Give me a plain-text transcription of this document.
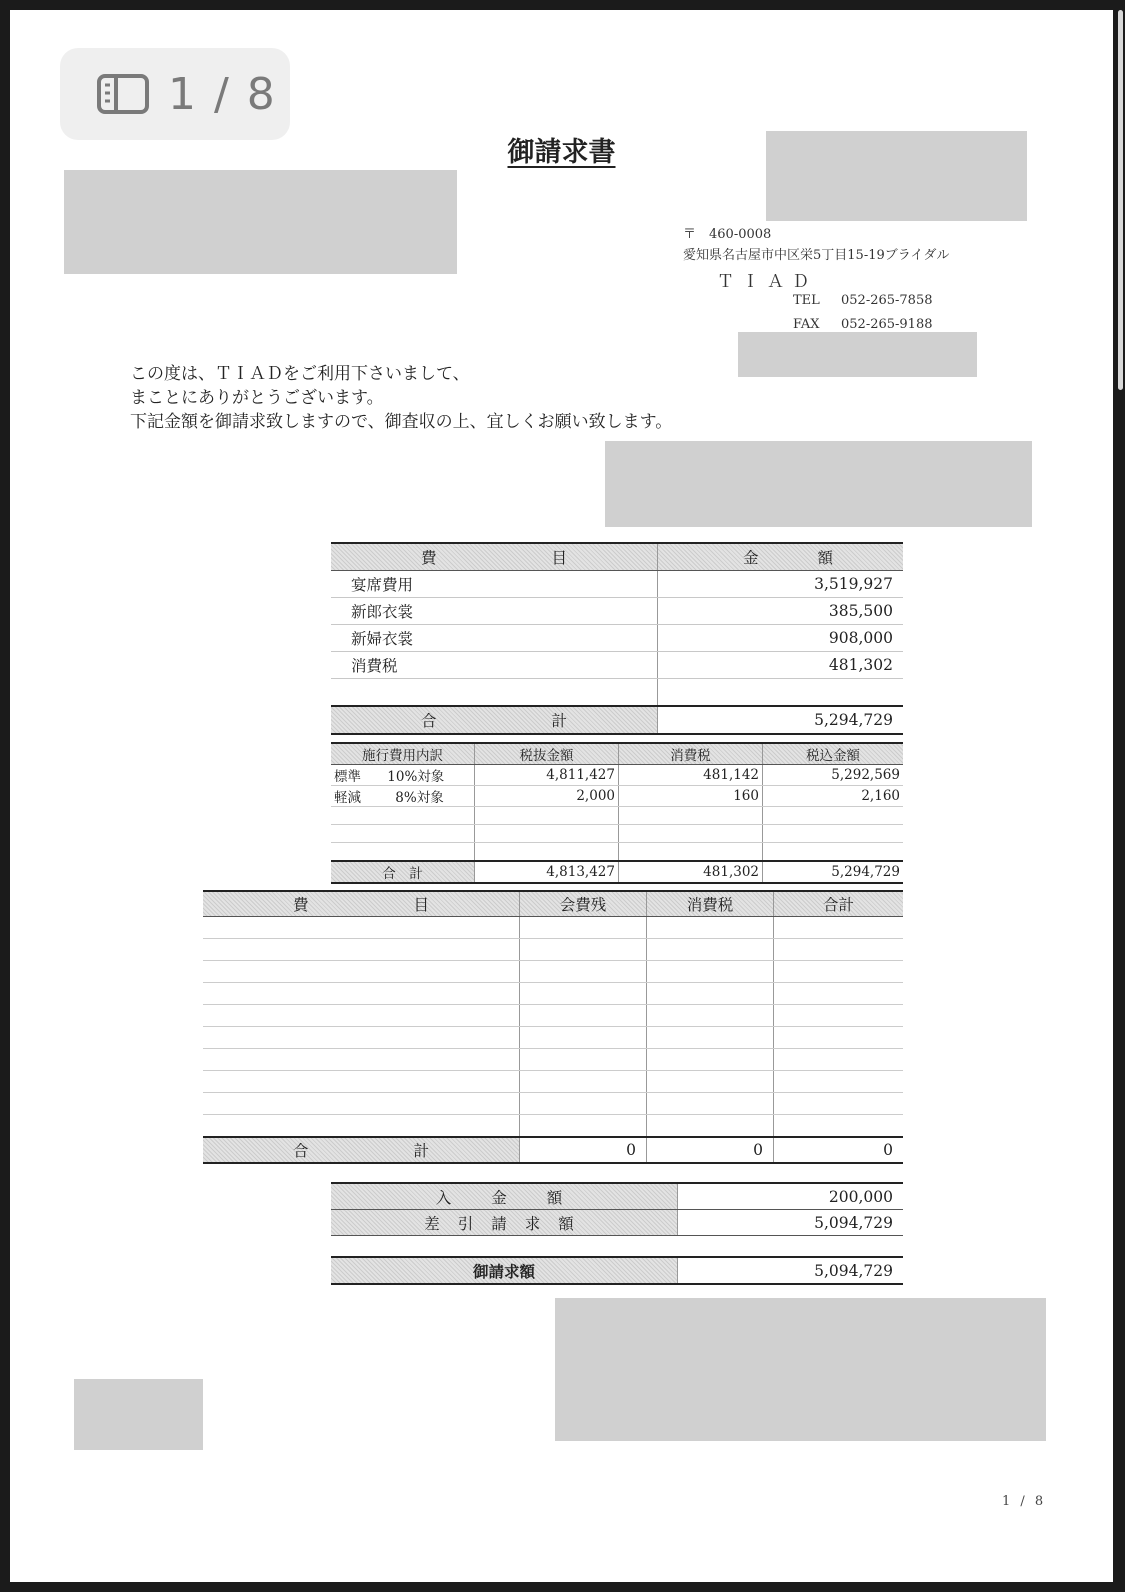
1 / 8
御請求書
〒　460-0008
愛知県名古屋市中区栄5丁目15-19ブライダル
ＴＩＡＤ
TEL 052-265-7858
FAX 052-265-9188
この度は、ＴＩＡＤをご利用下さいまして、
まことにありがとうございます。
下記金額を御請求致しますので、御査収の上、宜しくお願い致します。
費 目	金 額

宴席費用	3,519,927
新郎衣裳	385,500
新婦衣裳	908,000
消費税	481,302

合 計	5,294,729
施行費用内訳	税抜金額	消費税	税込金額
標準 10%対象	4,811,427	481,142	5,292,569
軽減 8%対象	2,000	160	2,160

合　計	4,813,427	481,302	5,294,729
費 目	会費残	消費税	合計

合 計	0	0	0
入金額	200,000
差引請求額	5,094,729

御請求額	5,094,729
1 / 8
